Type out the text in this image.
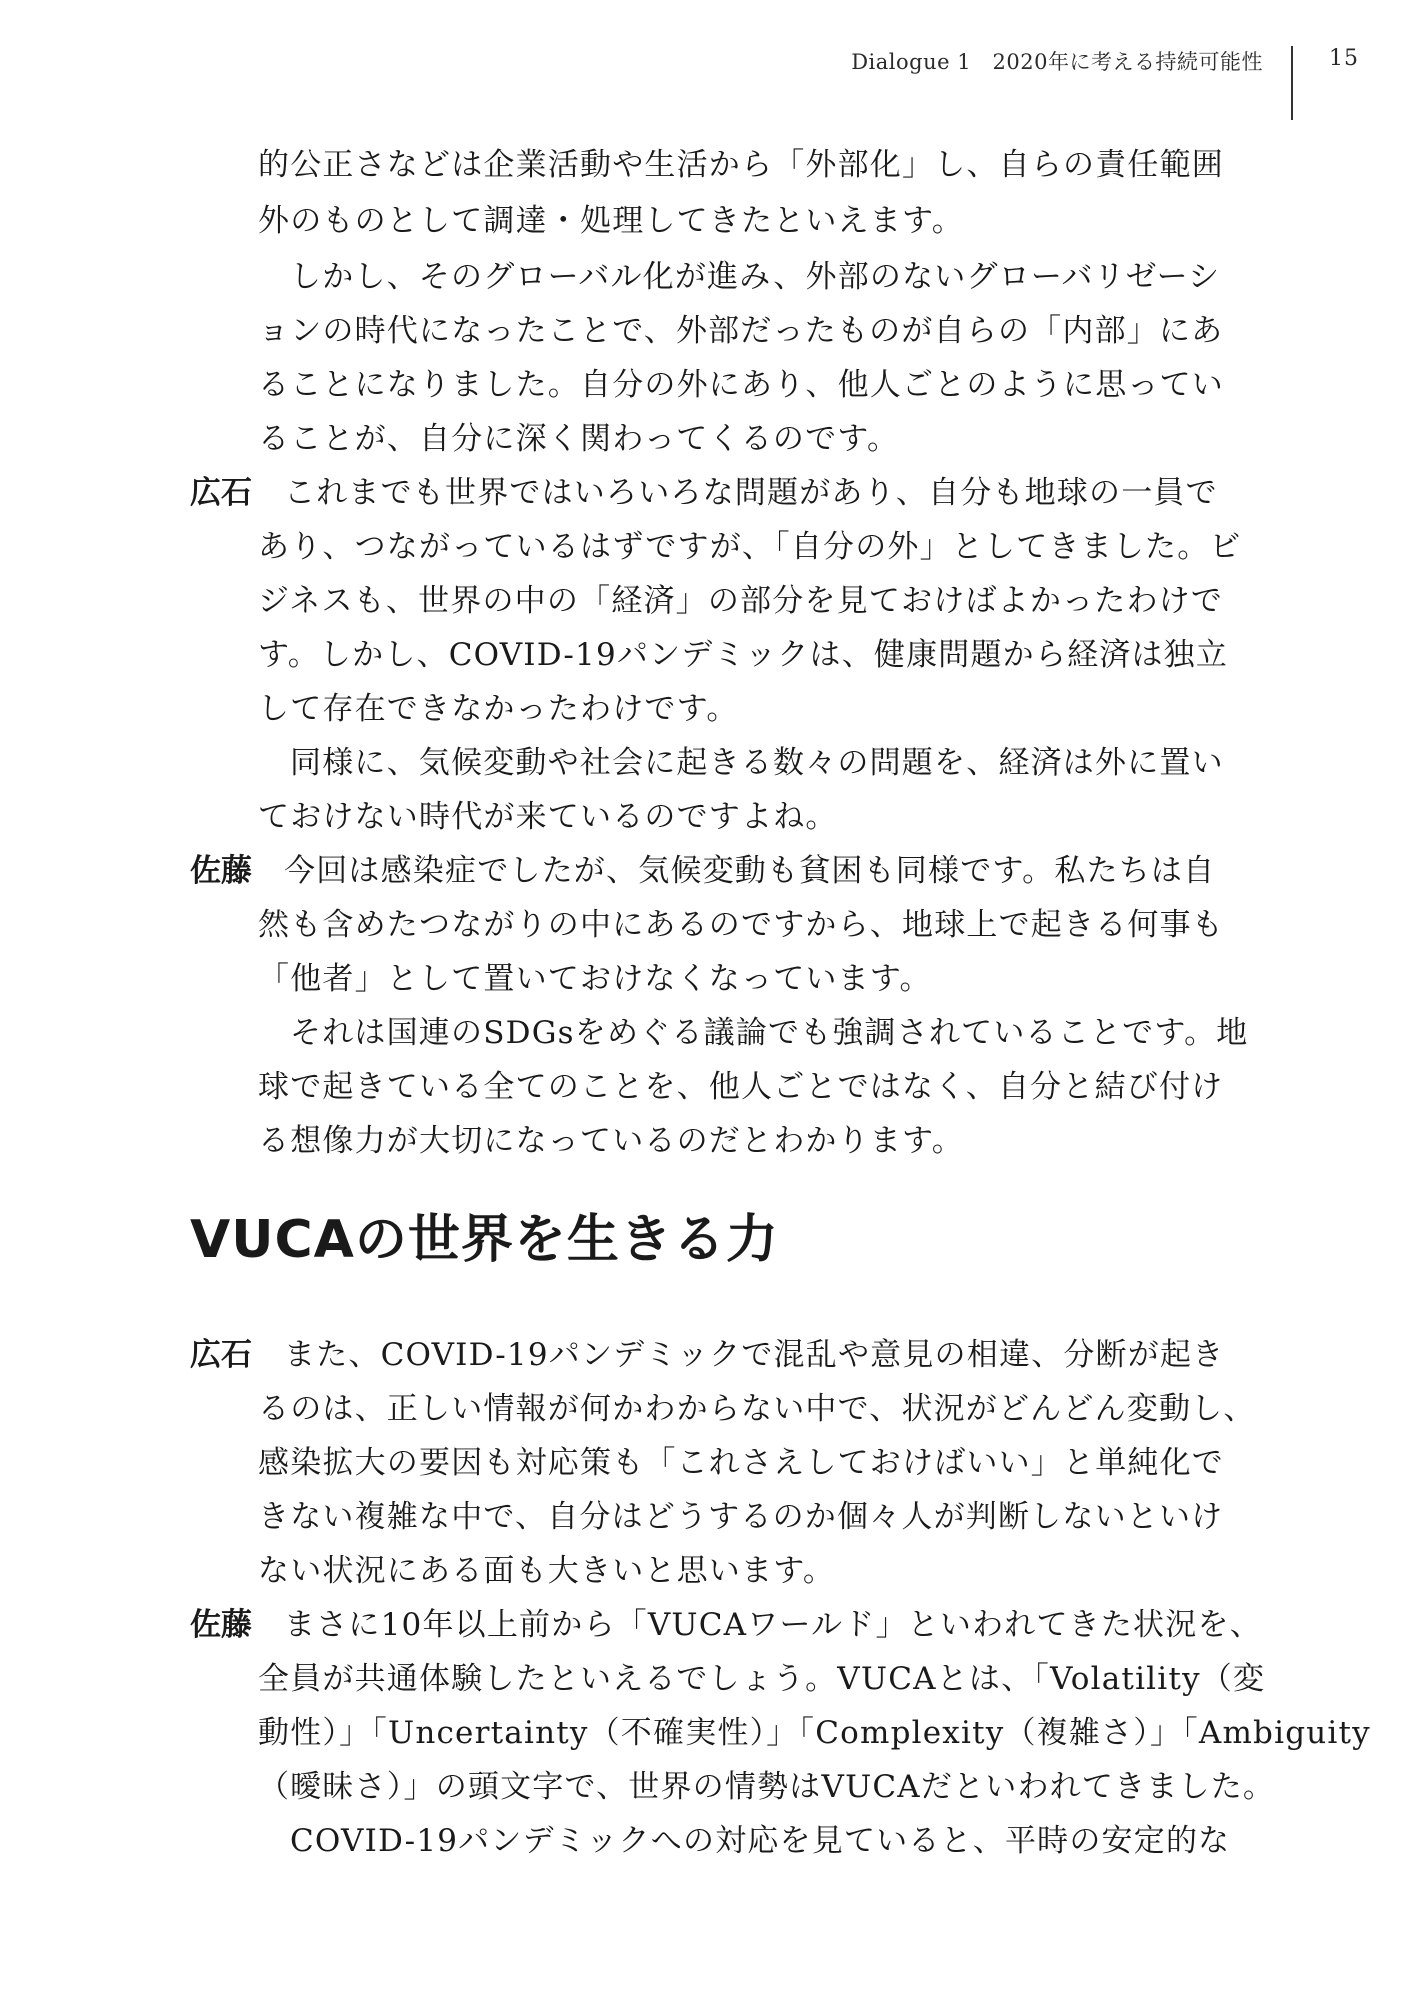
Dialogue 1　2020年に考える持続可能性	15
的公正さなどは企業活動や生活から「外部化」し、自らの責任範囲
外のものとして調達・処理してきたといえます。
しかし、そのグローバル化が進み、外部のないグローバリゼーシ
ョンの時代になったことで、外部だったものが自らの「内部」にあ
ることになりました。自分の外にあり、他人ごとのように思ってい
ることが、自分に深く関わってくるのです。
広石 これまでも世界ではいろいろな問題があり、自分も地球の一員で
あり、つながっているはずですが、「自分の外」としてきました。ビ
ジネスも、世界の中の「経済」の部分を見ておけばよかったわけで
す。しかし、COVID-19パンデミックは、健康問題から経済は独立
して存在できなかったわけです。
同様に、気候変動や社会に起きる数々の問題を、経済は外に置い
ておけない時代が来ているのですよね。
佐藤 今回は感染症でしたが、気候変動も貧困も同様です。私たちは自
然も含めたつながりの中にあるのですから、地球上で起きる何事も
「他者」として置いておけなくなっています。
それは国連のSDGsをめぐる議論でも強調されていることです。地
球で起きている全てのことを、他人ごとではなく、自分と結び付け
る想像力が大切になっているのだとわかります。
VUCAの世界を生きる力
広石 また、COVID-19パンデミックで混乱や意見の相違、分断が起き
るのは、正しい情報が何かわからない中で、状況がどんどん変動し、
感染拡大の要因も対応策も「これさえしておけばいい」と単純化で
きない複雑な中で、自分はどうするのか個々人が判断しないといけ
ない状況にある面も大きいと思います。
佐藤 まさに10年以上前から「VUCAワールド」といわれてきた状況を、
全員が共通体験したといえるでしょう。VUCAとは、「Volatility（変
動性）」「Uncertainty（不確実性）」「Complexity（複雑さ）」「Ambiguity
（曖昧さ）」の頭文字で、世界の情勢はVUCAだといわれてきました。
COVID-19パンデミックへの対応を見ていると、平時の安定的な
